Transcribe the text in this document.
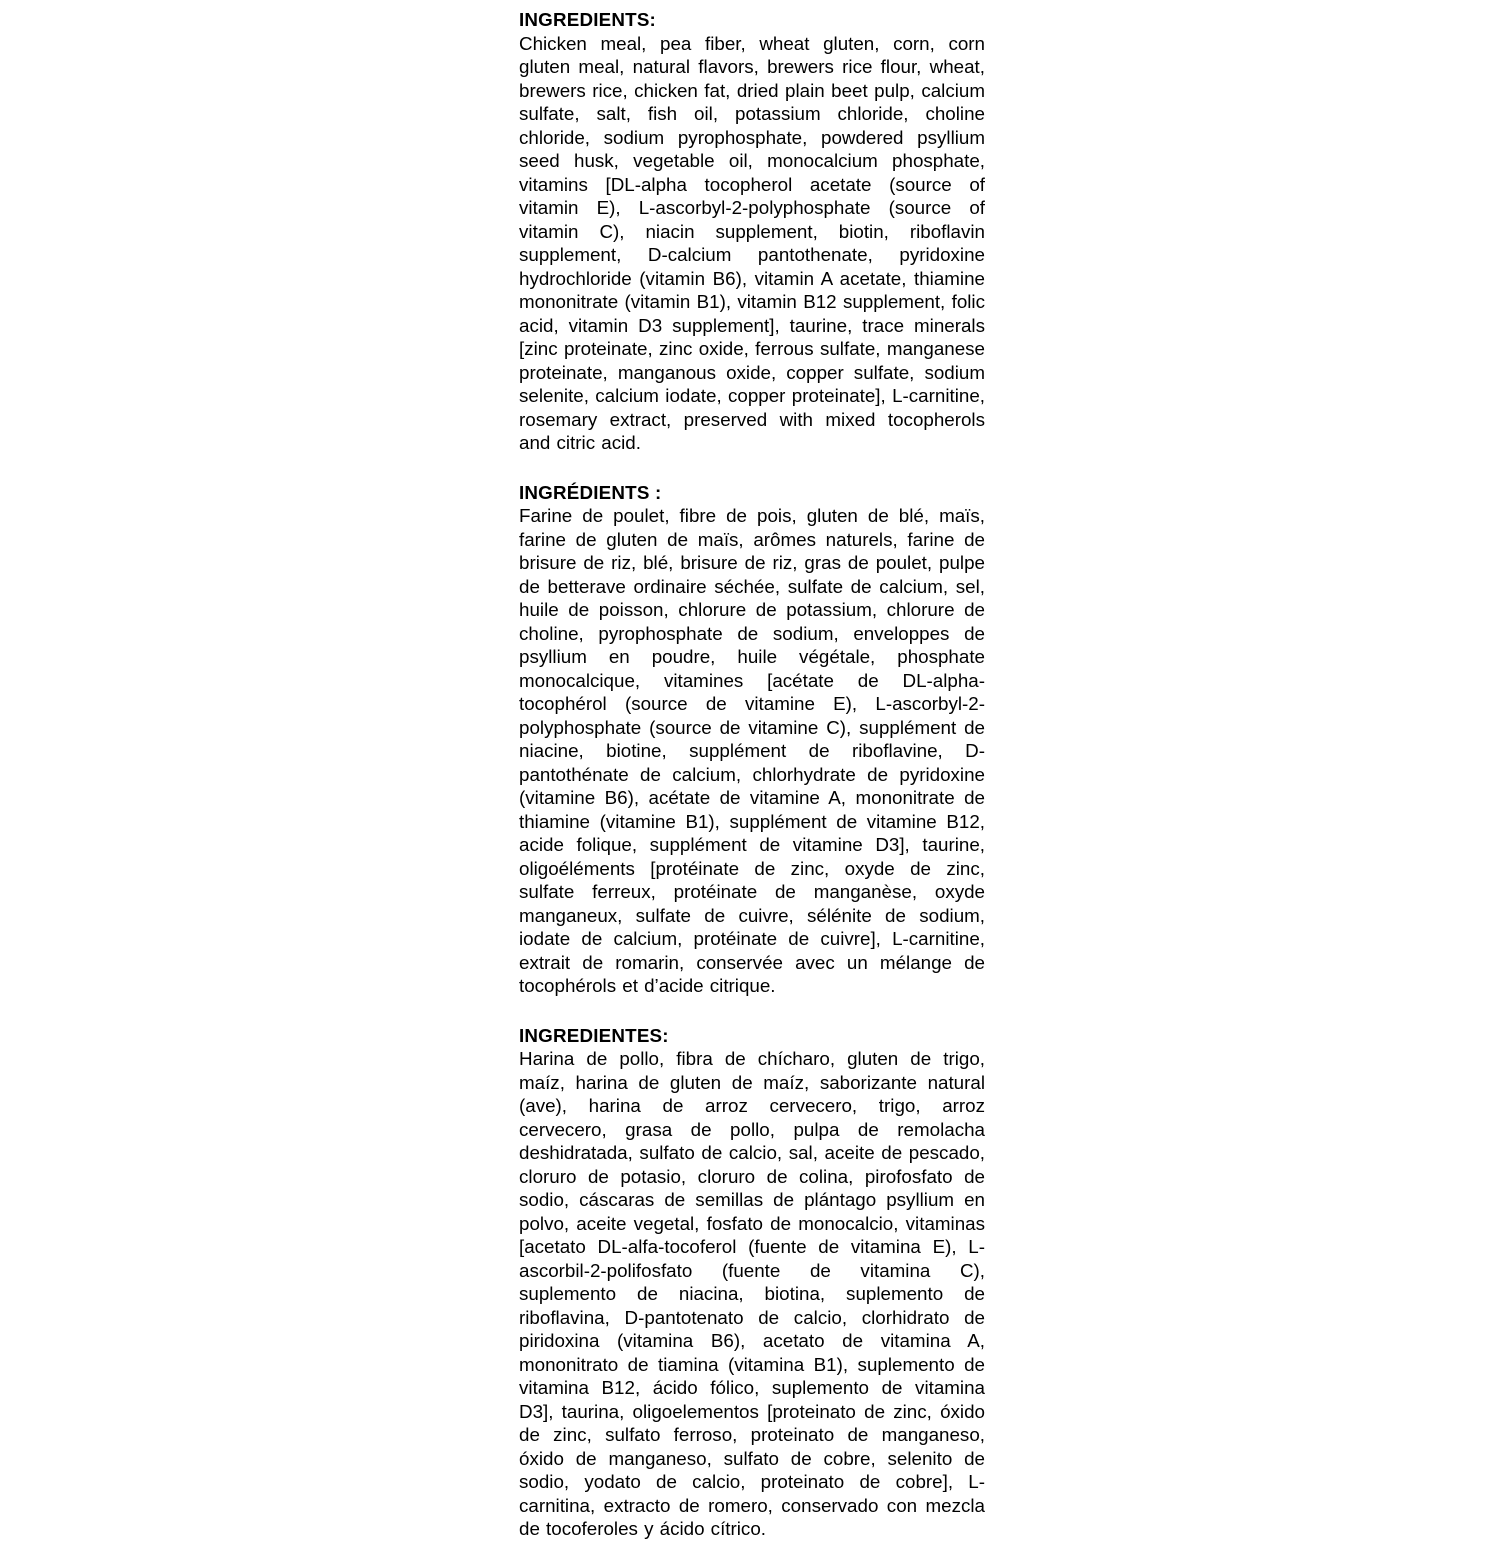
INGREDIENTS:

Chicken meal, pea fiber, wheat gluten, corn, corn gluten meal, natural flavors, brewers rice flour, wheat, brewers rice, chicken fat, dried plain beet pulp, calcium sulfate, salt, fish oil, potassium chloride, choline chloride, sodium pyrophosphate, powdered psyllium seed husk, vegetable oil, monocalcium phosphate, vitamins [DL-alpha tocopherol acetate (source of vitamin E), L-ascorbyl-2-polyphosphate (source of vitamin C), niacin supplement, biotin, riboflavin supplement, D-calcium pantothenate, pyridoxine hydrochloride (vitamin B6), vitamin A acetate, thiamine mononitrate (vitamin B1), vitamin B12 supplement, folic acid, vitamin D3 supplement], taurine, trace minerals [zinc proteinate, zinc oxide, ferrous sulfate, manganese proteinate, manganous oxide, copper sulfate, sodium selenite, calcium iodate, copper proteinate], L-carnitine, rosemary extract, preserved with mixed tocopherols and citric acid.

INGRÉDIENTS :

Farine de poulet, fibre de pois, gluten de blé, maïs, farine de gluten de maïs, arômes naturels, farine de brisure de riz, blé, brisure de riz, gras de poulet, pulpe de betterave ordinaire séchée, sulfate de calcium, sel, huile de poisson, chlorure de potassium, chlorure de choline, pyrophosphate de sodium, enveloppes de psyllium en poudre, huile végétale, phosphate monocalcique, vitamines [acétate de DL-alpha-tocophérol (source de vitamine E), L-ascorbyl-2-polyphosphate (source de vitamine C), supplément de niacine, biotine, supplément de riboflavine, D-pantothénate de calcium, chlorhydrate de pyridoxine (vitamine B6), acétate de vitamine A, mononitrate de thiamine (vitamine B1), supplément de vitamine B12, acide folique, supplément de vitamine D3], taurine, oligoéléments [protéinate de zinc, oxyde de zinc, sulfate ferreux, protéinate de manganèse, oxyde manganeux, sulfate de cuivre, sélénite de sodium, iodate de calcium, protéinate de cuivre], L-carnitine, extrait de romarin, conservée avec un mélange de tocophérols et d’acide citrique.

INGREDIENTES:

Harina de pollo, fibra de chícharo, gluten de trigo, maíz, harina de gluten de maíz, saborizante natural (ave), harina de arroz cervecero, trigo, arroz cervecero, grasa de pollo, pulpa de remolacha deshidratada, sulfato de calcio, sal, aceite de pescado, cloruro de potasio, cloruro de colina, pirofosfato de sodio, cáscaras de semillas de plántago psyllium en polvo, aceite vegetal, fosfato de monocalcio, vitaminas [acetato DL-alfa-tocoferol (fuente de vitamina E), L-ascorbil-2-polifosfato (fuente de vitamina C), suplemento de niacina, biotina, suplemento de riboflavina, D-pantotenato de calcio, clorhidrato de piridoxina (vitamina B6), acetato de vitamina A, mononitrato de tiamina (vitamina B1), suplemento de vitamina B12, ácido fólico, suplemento de vitamina D3], taurina, oligoelementos [proteinato de zinc, óxido de zinc, sulfato ferroso, proteinato de manganeso, óxido de manganeso, sulfato de cobre, selenito de sodio, yodato de calcio, proteinato de cobre], L-carnitina, extracto de romero, conservado con mezcla de tocoferoles y ácido cítrico.
